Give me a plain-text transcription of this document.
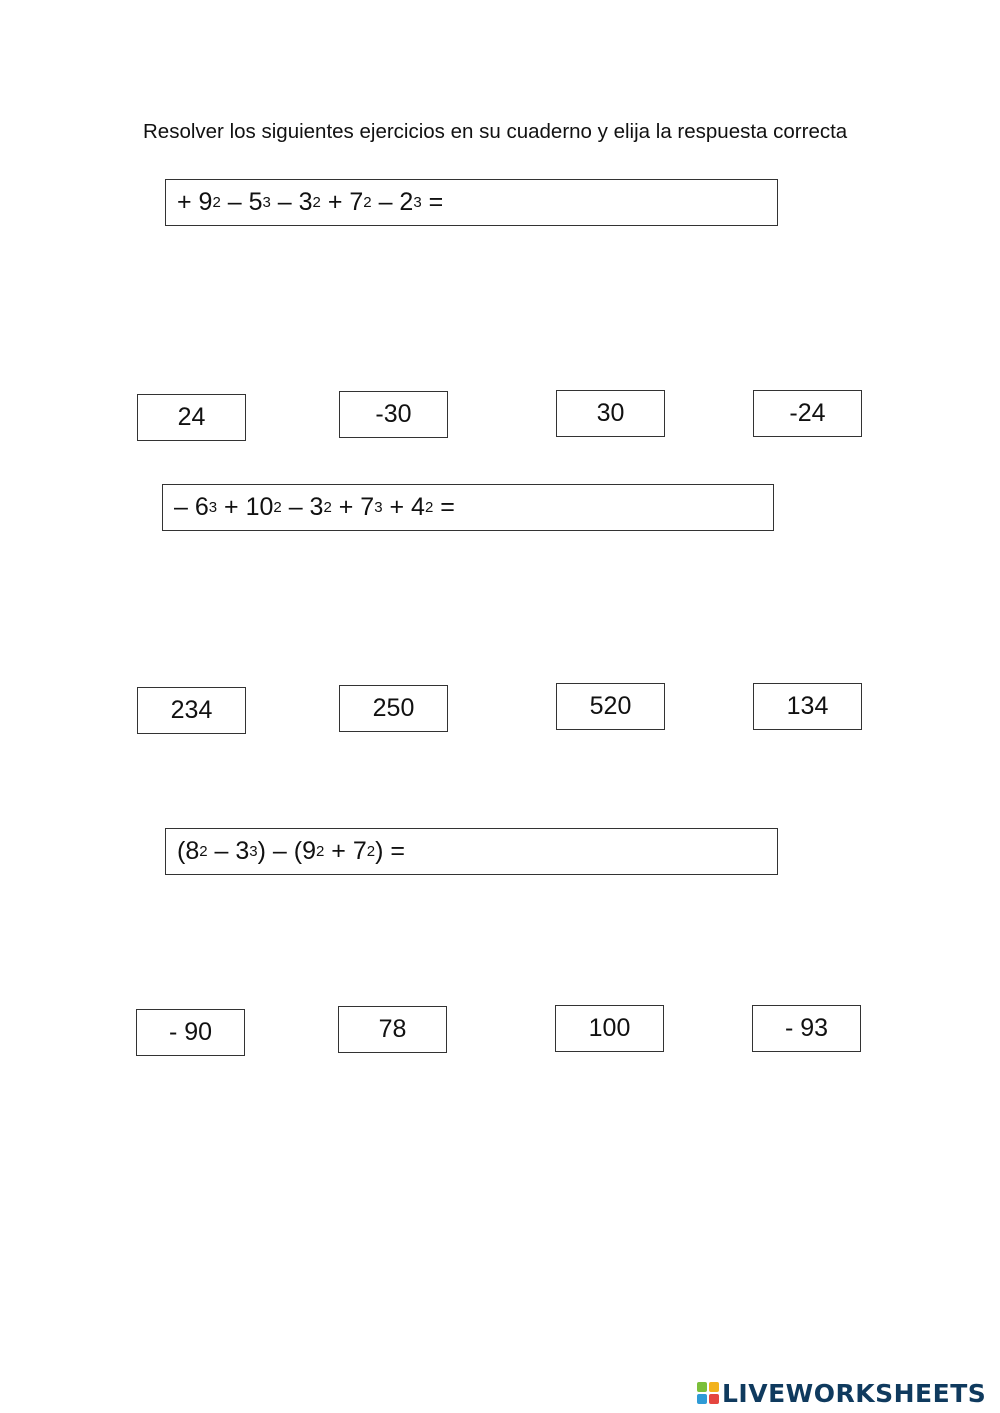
Resolver los siguientes ejercicios en su cuaderno y elija la respuesta correcta
+ 9 2 – 5 3 – 3 2 + 7 2 – 2 3 =
24	-30	30	-24
– 6 3 + 10 2 – 3 2 + 7 3 + 4 2 =
234	250	520	134
(8 2 – 3 3 ) – (9 2 + 7 2 ) =
- 90	78	100	- 93
LIVEWORKSHEETS
